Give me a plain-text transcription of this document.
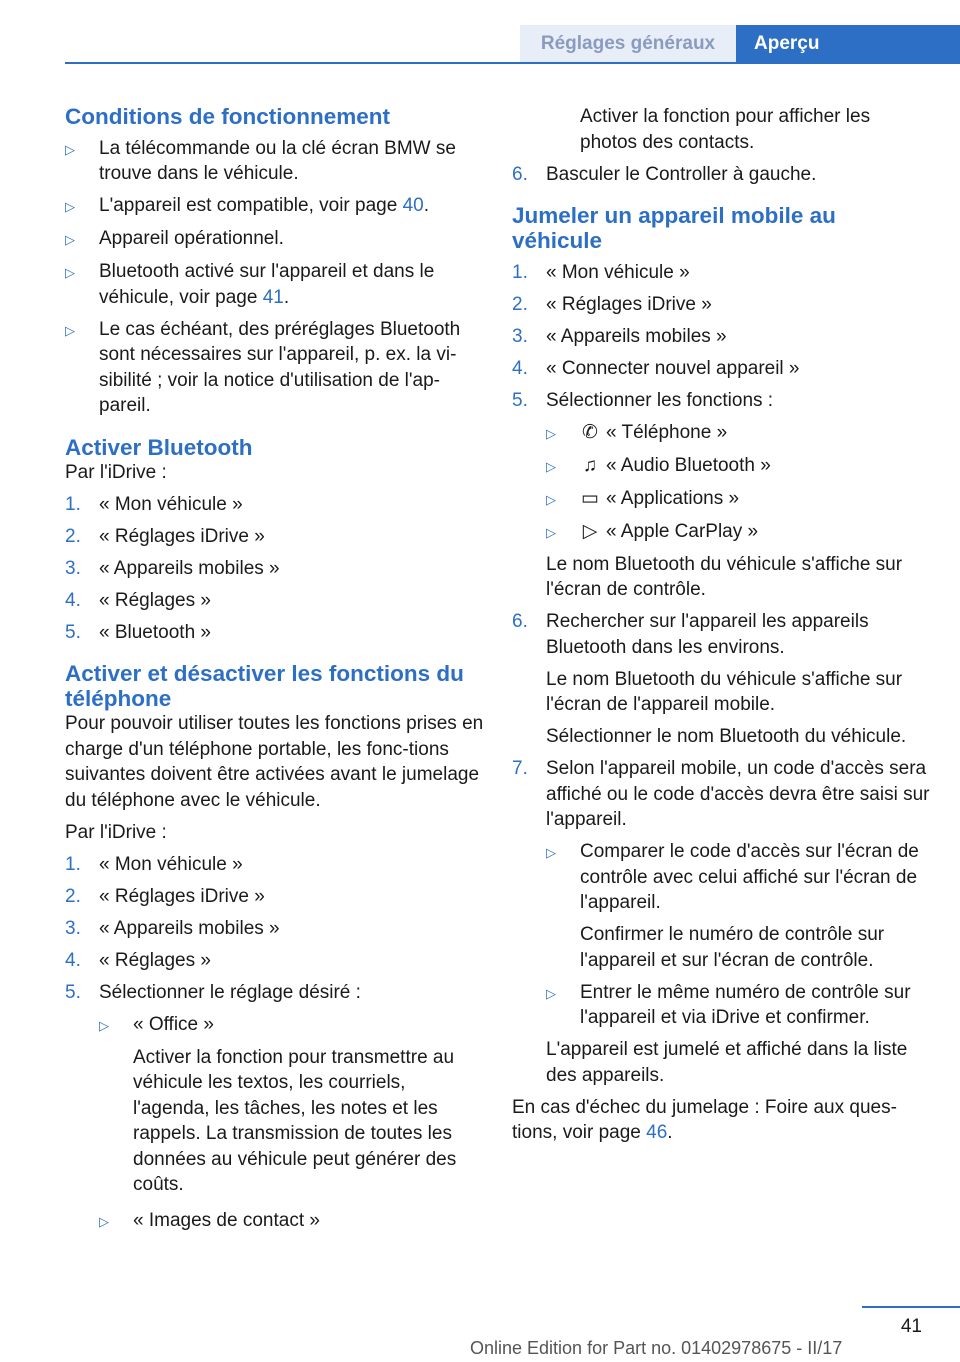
Réglages généraux	Aperçu
Conditions de fonctionnement
▷	La télécommande ou la clé écran BMW se trouve dans le véhicule.
▷	L'appareil est compatible, voir page 40.
▷	Appareil opérationnel.
▷	Bluetooth activé sur l'appareil et dans le véhicule, voir page 41.
▷	Le cas échéant, des préréglages Bluetooth sont nécessaires sur l'appareil, p. ex. la vi‐sibilité ; voir la notice d'utilisation de l'ap‐pareil.
Activer Bluetooth

Par l'iDrive :

1. « Mon véhicule »
2. « Réglages iDrive »
3. « Appareils mobiles »
4. « Réglages »
5. « Bluetooth »
Activer et désactiver les fonctions du téléphone

Pour pouvoir utiliser toutes les fonctions prises en charge d'un téléphone portable, les fonc‐tions suivantes doivent être activées avant le jumelage du téléphone avec le véhicule.

Par l'iDrive :

1. « Mon véhicule »
2. « Réglages iDrive »
3. « Appareils mobiles »
4. « Réglages »
5. Sélectionner le réglage désiré :
▷	« Office »

Activer la fonction pour transmettre au véhicule les textos, les courriels, l'agenda, les tâches, les notes et les rappels. La transmission de toutes les données au véhicule peut générer des coûts.

▷	« Images de contact »

Activer la fonction pour afficher les photos des contacts.

6. Basculer le Controller à gauche.
Jumeler un appareil mobile au véhicule
1. « Mon véhicule »
2. « Réglages iDrive »
3. « Appareils mobiles »
4. « Connecter nouvel appareil »
5. Sélectionner les fonctions :
▷	✆ « Téléphone »
▷	♫ « Audio Bluetooth »
▷	▭ « Applications »
▷	▷ « Apple CarPlay »

Le nom Bluetooth du véhicule s'affiche sur l'écran de contrôle.

6. Rechercher sur l'appareil les appareils Bluetooth dans les environs.

Le nom Bluetooth du véhicule s'affiche sur l'écran de l'appareil mobile.

Sélectionner le nom Bluetooth du véhicule.

7. Selon l'appareil mobile, un code d'accès sera affiché ou le code d'accès devra être saisi sur l'appareil.
▷	Comparer le code d'accès sur l'écran de contrôle avec celui affiché sur l'écran de l'appareil.

Confirmer le numéro de contrôle sur l'appareil et sur l'écran de contrôle.

▷	Entrer le même numéro de contrôle sur l'appareil et via iDrive et confirmer.

L'appareil est jumelé et affiché dans la liste des appareils.

En cas d'échec du jumelage : Foire aux ques‐tions, voir page 46.

41
Online Edition for Part no. 01402978675 - II/17
